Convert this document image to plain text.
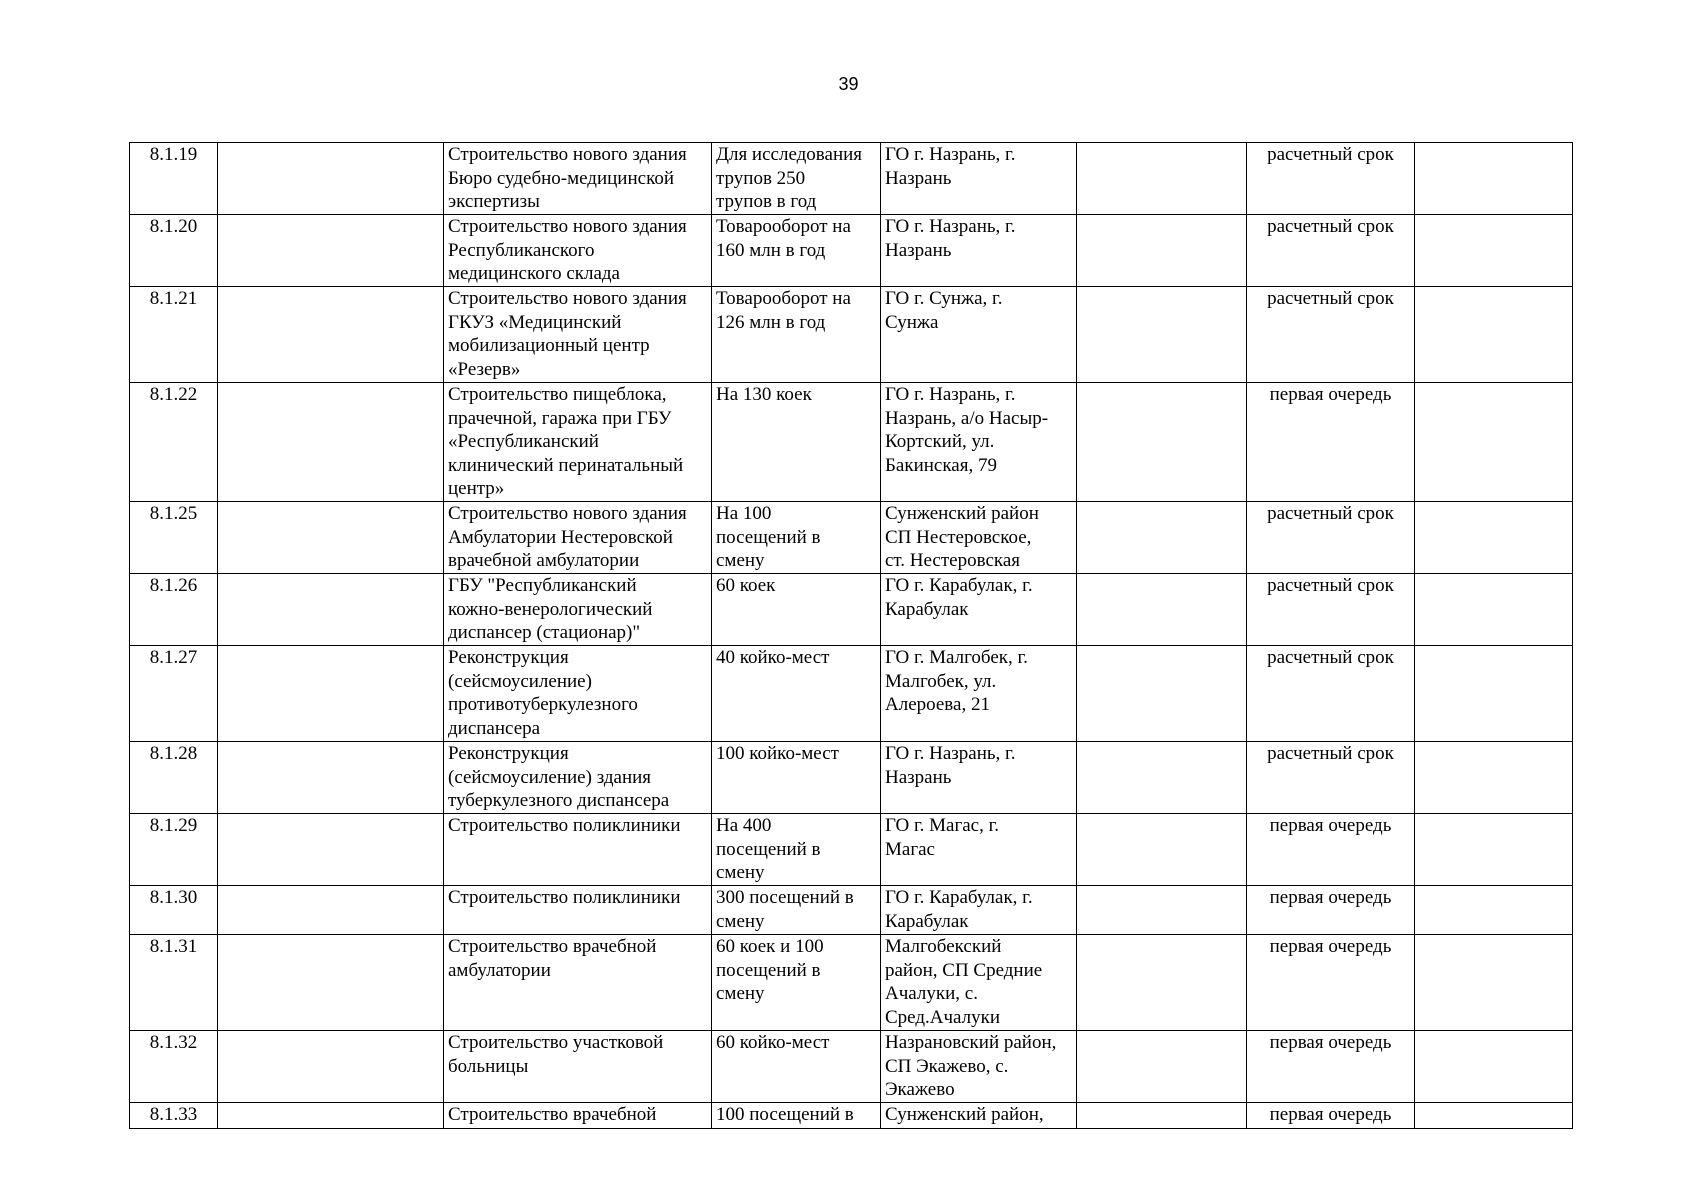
39
8.1.19		Строительство нового здания
Бюро судебно-медицинской
экспертизы	Для исследования
трупов 250
трупов в год	ГО г. Назрань, г.
Назрань		расчетный срок	

8.1.20		Строительство нового здания
Республиканского
медицинского склада	Товарооборот на
160 млн в год	ГО г. Назрань, г.
Назрань		расчетный срок	

8.1.21		Строительство нового здания
ГКУЗ «Медицинский
мобилизационный центр
«Резерв»	Товарооборот на
126 млн в год	ГО г. Сунжа, г.
Сунжа		расчетный срок	

8.1.22		Строительство пищеблока,
прачечной, гаража при ГБУ
«Республиканский
клинический перинатальный
центр»	На 130 коек	ГО г. Назрань, г.
Назрань, а/о Насыр-
Кортский, ул.
Бакинская, 79		первая очередь	

8.1.25		Строительство нового здания
Амбулатории Нестеровской
врачебной амбулатории	На 100
посещений в
смену	Сунженский район
СП Нестеровское,
ст. Нестеровская		расчетный срок	

8.1.26		ГБУ "Республиканский
кожно-венерологический
диспансер (стационар)"	60 коек	ГО г. Карабулак, г.
Карабулак		расчетный срок	

8.1.27		Реконструкция
(сейсмоусиление)
противотуберкулезного
диспансера	40 койко-мест	ГО г. Малгобек, г.
Малгобек, ул.
Алероева, 21		расчетный срок	

8.1.28		Реконструкция
(сейсмоусиление) здания
туберкулезного диспансера	100 койко-мест	ГО г. Назрань, г.
Назрань		расчетный срок	

8.1.29		Строительство поликлиники	На 400
посещений в
смену	ГО г. Магас, г.
Магас		первая очередь	

8.1.30		Строительство поликлиники	300 посещений в
смену	ГО г. Карабулак, г.
Карабулак		первая очередь	

8.1.31		Строительство врачебной
амбулатории	60 коек и 100
посещений в
смену	Малгобекский
район, СП Средние
Ачалуки, с.
Сред.Ачалуки		первая очередь	

8.1.32		Строительство участковой
больницы	60 койко-мест	Назрановский район,
СП Экажево, с.
Экажево		первая очередь	

8.1.33		Строительство врачебной	100 посещений в	Сунженский район,		первая очередь	
